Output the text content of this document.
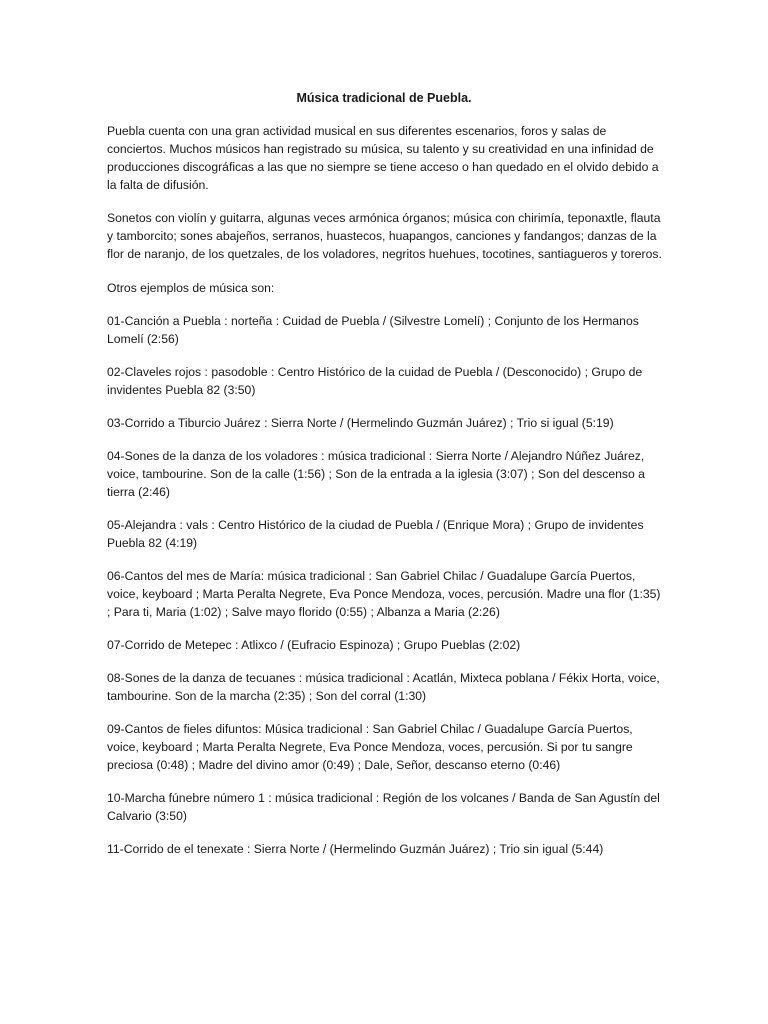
Música tradicional de Puebla.

Puebla cuenta con una gran actividad musical en sus diferentes escenarios, foros y salas de conciertos. Muchos músicos han registrado su música, su talento y su creatividad en una infinidad de producciones discográficas a las que no siempre se tiene acceso o han quedado en el olvido debido a la falta de difusión.

Sonetos con violín y guitarra, algunas veces armónica órganos; música con chirimía, teponaxtle, flauta y tamborcito; sones abajeños, serranos, huastecos, huapangos, canciones y fandangos; danzas de la flor de naranjo, de los quetzales, de los voladores, negritos huehues, tocotines, santiagueros y toreros.

Otros ejemplos de música son:

01-Canción a Puebla : norteña : Cuidad de Puebla / (Silvestre Lomelí) ; Conjunto de los Hermanos Lomelí (2:56)

02-Claveles rojos : pasodoble : Centro Histórico de la cuidad de Puebla / (Desconocido) ; Grupo de invidentes Puebla 82 (3:50)

03-Corrido a Tiburcio Juárez : Sierra Norte / (Hermelindo Guzmán Juárez) ; Trio si igual (5:19)

04-Sones de la danza de los voladores : música tradicional : Sierra Norte / Alejandro Núñez Juárez, voice, tambourine. Son de la calle (1:56) ; Son de la entrada a la iglesia (3:07) ; Son del descenso a tierra (2:46)

05-Alejandra : vals : Centro Histórico de la ciudad de Puebla / (Enrique Mora) ; Grupo de invidentes Puebla 82 (4:19)

06-Cantos del mes de María: música tradicional : San Gabriel Chilac / Guadalupe García Puertos, voice, keyboard ; Marta Peralta Negrete, Eva Ponce Mendoza, voces, percusión. Madre una flor (1:35) ; Para ti, Maria (1:02) ; Salve mayo florido (0:55) ; Albanza a Maria (2:26)

07-Corrido de Metepec : Atlixco / (Eufracio Espinoza) ; Grupo Pueblas (2:02)

08-Sones de la danza de tecuanes : música tradicional : Acatlán, Mixteca poblana / Fékix Horta, voice, tambourine. Son de la marcha (2:35) ; Son del corral (1:30)

09-Cantos de fieles difuntos: Música tradicional : San Gabriel Chilac / Guadalupe García Puertos, voice, keyboard ; Marta Peralta Negrete, Eva Ponce Mendoza, voces, percusión. Si por tu sangre preciosa (0:48) ; Madre del divino amor (0:49) ; Dale, Señor, descanso eterno (0:46)

10-Marcha fúnebre número 1 : música tradicional : Región de los volcanes / Banda de San Agustín del Calvario (3:50)

11-Corrido de el tenexate : Sierra Norte / (Hermelindo Guzmán Juárez) ; Trio sin igual (5:44)
